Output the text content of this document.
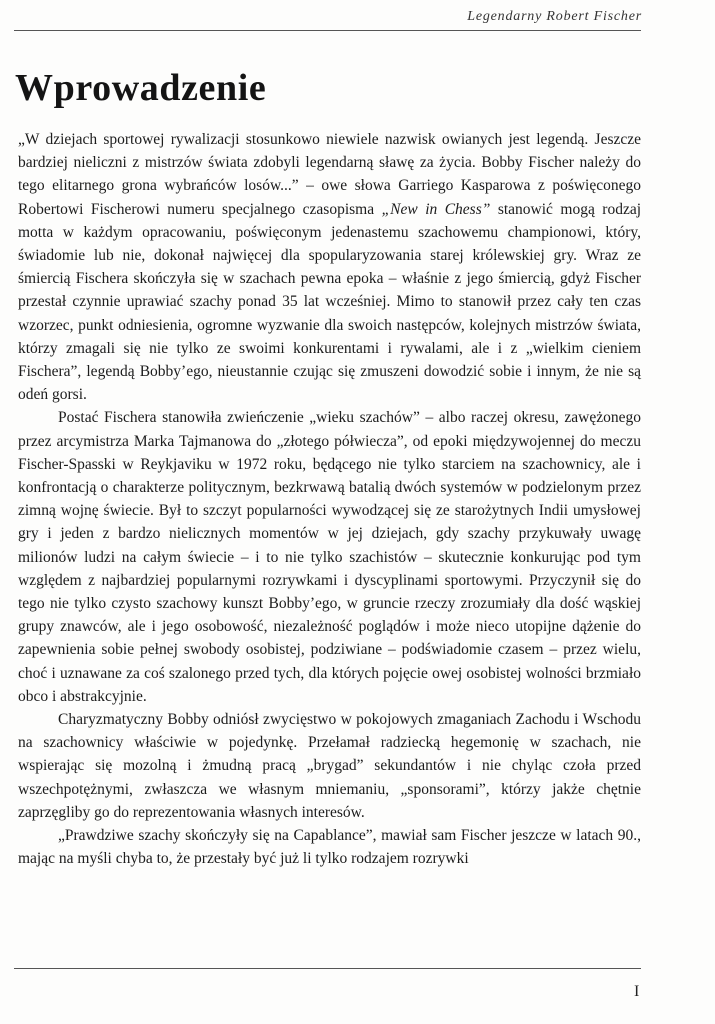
Legendarny Robert Fischer
Wprowadzenie

„W dziejach sportowej rywalizacji stosunkowo niewiele nazwisk owianych jest legendą. Jeszcze bardziej nieliczni z mistrzów świata zdobyli legendarną sławę za życia. Bobby Fischer należy do tego elitarnego grona wybrańców losów...” – owe słowa Garriego Kasparowa z poświęconego Robertowi Fischerowi numeru specjalnego czasopisma „New in Chess” stanowić mogą rodzaj motta w każdym opracowaniu, poświęconym jedenastemu szachowemu championowi, który, świadomie lub nie, dokonał najwięcej dla spopularyzowania starej królewskiej gry. Wraz ze śmiercią Fischera skończyła się w szachach pewna epoka – właśnie z jego śmiercią, gdyż Fischer przestał czynnie uprawiać szachy ponad 35 lat wcześniej. Mimo to stanowił przez cały ten czas wzorzec, punkt odniesienia, ogromne wyzwanie dla swoich następców, kolejnych mistrzów świata, którzy zmagali się nie tylko ze swoimi konkurentami i rywalami, ale i z „wielkim cieniem Fischera”, legendą Bobby’ego, nieustannie czując się zmuszeni dowodzić sobie i innym, że nie są odeń gorsi.

Postać Fischera stanowiła zwieńczenie „wieku szachów” – albo raczej okresu, zawężonego przez arcymistrza Marka Tajmanowa do „złotego półwiecza”, od epoki międzywojennej do meczu Fischer-Spasski w Reykjaviku w 1972 roku, będącego nie tylko starciem na szachownicy, ale i konfrontacją o charakterze politycznym, bezkrwawą batalią dwóch systemów w podzielonym przez zimną wojnę świecie. Był to szczyt popularności wywodzącej się ze starożytnych Indii umysłowej gry i jeden z bardzo nielicznych momentów w jej dziejach, gdy szachy przykuwały uwagę milionów ludzi na całym świecie – i to nie tylko szachistów – skutecznie konkurując pod tym względem z najbardziej popularnymi rozrywkami i dyscyplinami sportowymi. Przyczynił się do tego nie tylko czysto szachowy kunszt Bobby’ego, w gruncie rzeczy zrozumiały dla dość wąskiej grupy znawców, ale i jego osobowość, niezależność poglądów i może nieco utopijne dążenie do zapewnienia sobie pełnej swobody osobistej, podziwiane – podświadomie czasem – przez wielu, choć i uznawane za coś szalonego przed tych, dla których pojęcie owej osobistej wolności brzmiało obco i abstrakcyjnie.

Charyzmatyczny Bobby odniósł zwycięstwo w pokojowych zmaganiach Zachodu i Wschodu na szachownicy właściwie w pojedynkę. Przełamał radziecką hegemonię w szachach, nie wspierając się mozolną i żmudną pracą „brygad” sekundantów i nie chyląc czoła przed wszechpotężnymi, zwłaszcza we własnym mniemaniu, „sponsorami”, którzy jakże chętnie zaprzęgliby go do reprezentowania własnych interesów.

„Prawdziwe szachy skończyły się na Capablance”, mawiał sam Fischer jeszcze w latach 90., mając na myśli chyba to, że przestały być już li tylko rodzajem rozrywki

I
